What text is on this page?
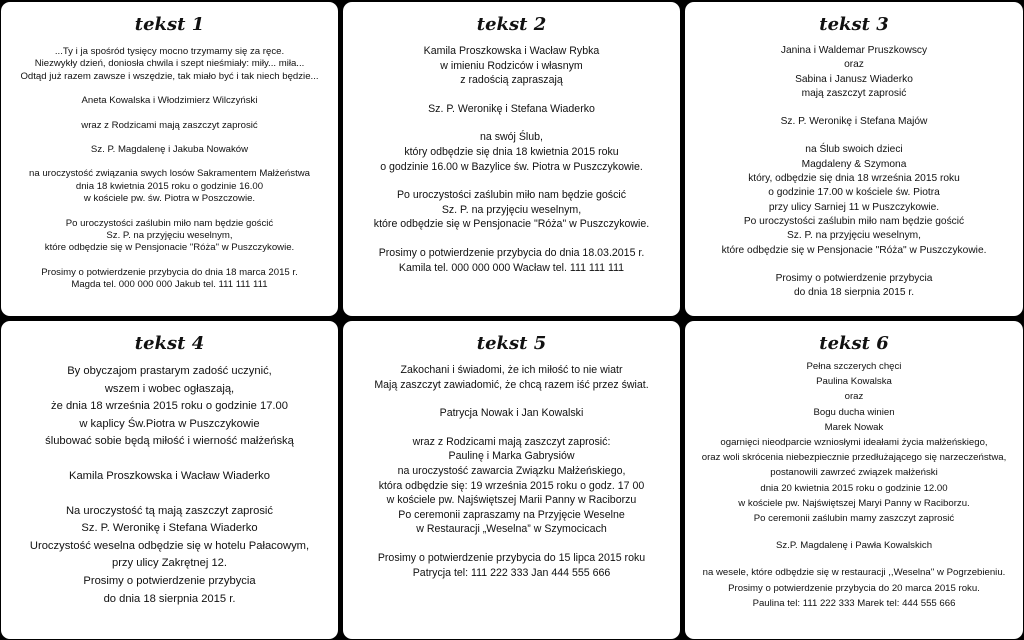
tekst 1
...Ty i ja spośród tysięcy mocno trzymamy się za ręce.
Niezwykły dzień, doniosła chwila i szept nieśmiały: miły... miła...
Odtąd już razem zawsze i wszędzie, tak miało być i tak niech będzie...
Aneta Kowalska i Włodzimierz Wilczyński
wraz z Rodzicami mają zaszczyt zaprosić
Sz. P. Magdalenę i Jakuba Nowaków
na uroczystość związania swych losów Sakramentem Małżeństwa
dnia 18 kwietnia 2015 roku o godzinie 16.00
w kościele pw. św. Piotra w Poszczowie.
Po uroczystości zaślubin miło nam będzie gościć
Sz. P. na przyjęciu weselnym,
które odbędzie się w Pensjonacie "Róża" w Puszczykowie.
Prosimy o potwierdzenie przybycia do dnia 18 marca 2015 r.
Magda tel. 000 000 000 Jakub tel. 111 111 111
tekst 2
Kamila Proszkowska i Wacław Rybka
w imieniu Rodziców i własnym
z radością zapraszają
Sz. P. Weronikę i Stefana Wiaderko
na swój Ślub,
który odbędzie się dnia 18 kwietnia 2015 roku
o godzinie 16.00 w Bazylice św. Piotra w Puszczykowie.
Po uroczystości zaślubin miło nam będzie gościć
Sz. P. na przyjęciu weselnym,
które odbędzie się w Pensjonacie "Róża" w Puszczykowie.
Prosimy o potwierdzenie przybycia do dnia 18.03.2015 r.
Kamila tel. 000 000 000 Wacław tel. 111 111 111
tekst 3
Janina i Waldemar Pruszkowscy
oraz
Sabina i Janusz Wiaderko
mają zaszczyt zaprosić
Sz. P. Weronikę i Stefana Majów
na Ślub swoich dzieci
Magdaleny & Szymona
który, odbędzie się dnia 18 września 2015 roku
o godzinie 17.00 w kościele św. Piotra
przy ulicy Sarniej 11 w Puszczykowie.
Po uroczystości zaślubin miło nam będzie gościć
Sz. P. na przyjęciu weselnym,
które odbędzie się w Pensjonacie "Róża" w Puszczykowie.
Prosimy o potwierdzenie przybycia
do dnia 18 sierpnia 2015 r.
tekst 4
By obyczajom prastarym zadość uczynić,
wszem i wobec ogłaszają,
że dnia 18 września 2015 roku o godzinie 17.00
w kaplicy Św.Piotra w Puszczykowie
ślubować sobie będą miłość i wierność małżeńską
Kamila Proszkowska i Wacław Wiaderko
Na uroczystość tą mają zaszczyt zaprosić
Sz. P. Weronikę i Stefana Wiaderko
Uroczystość weselna odbędzie się w hotelu Pałacowym,
przy ulicy Zakrętnej 12.
Prosimy o potwierdzenie przybycia
do dnia 18 sierpnia 2015 r.
tekst 5
Zakochani i świadomi, że ich miłość to nie wiatr
Mają zaszczyt zawiadomić, że chcą razem iść przez świat.
Patrycja Nowak i Jan Kowalski
wraz z Rodzicami mają zaszczyt zaprosić:
Paulinę i Marka Gabrysiów
na uroczystość zawarcia Związku Małżeńskiego,
która odbędzie się: 19 września 2015 roku o godz. 17 00
w kościele pw. Najświętszej Marii Panny w Raciborzu
Po ceremonii zapraszamy na Przyjęcie Weselne
w Restauracji „Weselna” w Szymocicach
Prosimy o potwierdzenie przybycia do 15 lipca 2015 roku
Patrycja tel: 111 222 333 Jan 444 555 666
tekst 6
Pełna szczerych chęci
Paulina Kowalska
oraz
Bogu ducha winien
Marek Nowak
ogarnięci nieodparcie wzniosłymi ideałami życia małżeńskiego,
oraz woli skrócenia niebezpiecznie przedłużającego się narzeczeństwa,
postanowili zawrzeć związek małżeński
dnia 20 kwietnia 2015 roku o godzinie 12.00
w kościele pw. Najświętszej Maryi Panny w Raciborzu.
Po ceremonii zaślubin mamy zaszczyt zaprosić
Sz.P. Magdalenę i Pawła Kowalskich
na wesele, które odbędzie się w restauracji ,,Weselna'' w Pogrzebieniu.
Prosimy o potwierdzenie przybycia do 20 marca 2015 roku.
Paulina tel: 111 222 333 Marek tel: 444 555 666
